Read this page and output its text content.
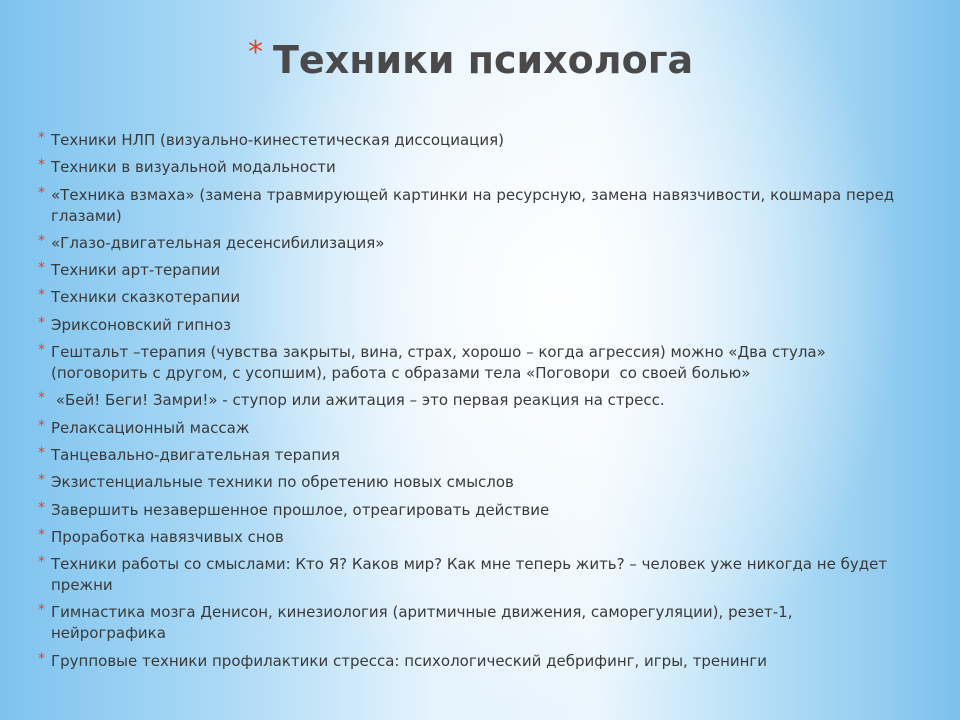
* Техники психолога
* Техники НЛП (визуально-кинестетическая диссоциация)
* Техники в визуальной модальности
* «Техника взмаха» (замена травмирующей картинки на ресурсную, замена навязчивости, кошмара перед глазами)
* «Глазо-двигательная десенсибилизация»
* Техники арт-терапии
* Техники сказкотерапии
* Эриксоновский гипноз
* Гештальт –терапия (чувства закрыты, вина, страх, хорошо – когда агрессия) можно «Два стула» (поговорить с другом, с усопшим), работа с образами тела «Поговори  со своей болью»
* «Бей! Беги! Замри!» - ступор или ажитация – это первая реакция на стресс.
* Релаксационный массаж
* Танцевально-двигательная терапия
* Экзистенциальные техники по обретению новых смыслов
* Завершить незавершенное прошлое, отреагировать действие
* Проработка навязчивых снов
* Техники работы со смыслами: Кто Я? Каков мир? Как мне теперь жить? – человек уже никогда не будет прежни
* Гимнастика мозга Денисон, кинезиология (аритмичные движения, саморегуляции), резет-1, нейрографика
* Групповые техники профилактики стресса: психологический дебрифинг, игры, тренинги
